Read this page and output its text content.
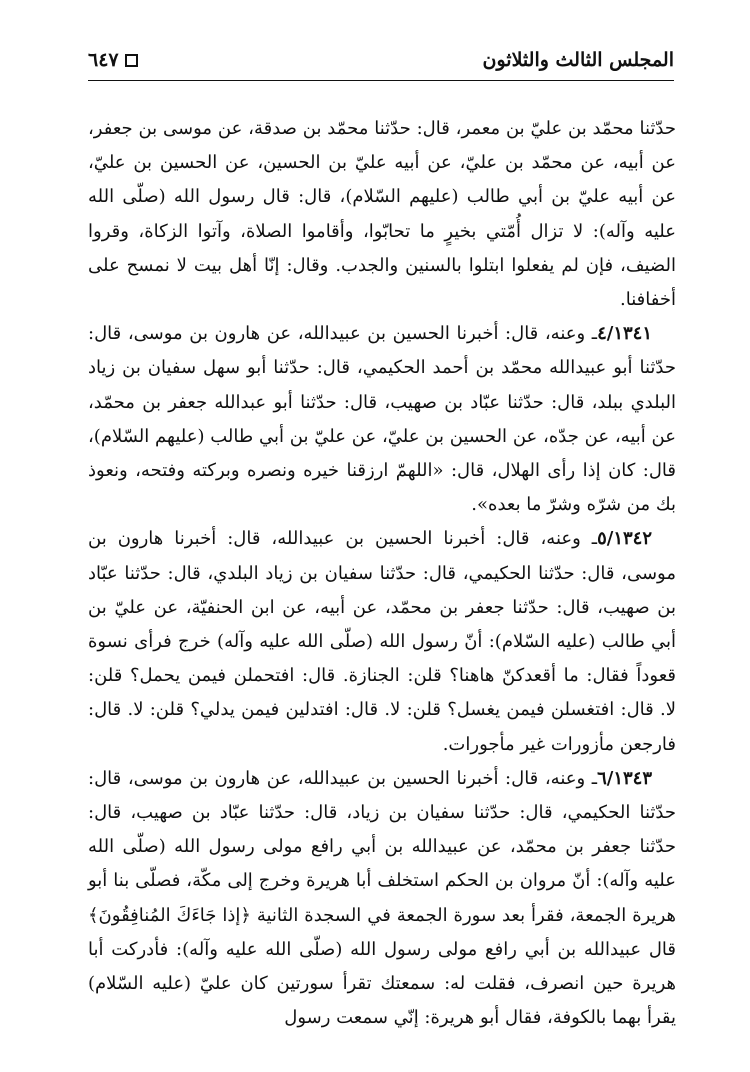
٦٤٧	المجلس الثالث والثلاثون

حدّثنا محمّد بن عليّ بن معمر، قال: حدّثنا محمّد بن صدقة، عن موسى بن جعفر، عن أبيه، عن محمّد بن عليّ، عن أبيه عليّ بن الحسين، عن الحسين بن عليّ، عن أبيه عليّ بن أبي طالب (عليهم السّلام)، قال: قال رسول الله (صلّى الله عليه وآله): لا تزال أُمّتي بخيرٍ ما تحابّوا، وأقاموا الصلاة، وآتوا الزكاة، وقروا الضيف، فإن لم يفعلوا ابتلوا بالسنين والجدب. وقال: إنّا أهل بيت لا نمسح على أخفافنا.

٤/١٣٤١ـ وعنه، قال: أخبرنا الحسين بن عبيدالله، عن هارون بن موسى، قال: حدّثنا أبو عبيدالله محمّد بن أحمد الحكيمي، قال: حدّثنا أبو سهل سفيان بن زياد البلدي ببلد، قال: حدّثنا عبّاد بن صهيب، قال: حدّثنا أبو عبدالله جعفر بن محمّد، عن أبيه، عن جدّه، عن الحسين بن عليّ، عن عليّ بن أبي طالب (عليهم السّلام)، قال: كان إذا رأى الهلال، قال: «اللهمّ ارزقنا خيره ونصره وبركته وفتحه، ونعوذ بك من شرّه وشرّ ما بعده».

٥/١٣٤٢ـ وعنه، قال: أخبرنا الحسين بن عبيدالله، قال: أخبرنا هارون بن موسى، قال: حدّثنا الحكيمي، قال: حدّثنا سفيان بن زياد البلدي، قال: حدّثنا عبّاد بن صهيب، قال: حدّثنا جعفر بن محمّد، عن أبيه، عن ابن الحنفيّة، عن عليّ بن أبي طالب (عليه السّلام): أنّ رسول الله (صلّى الله عليه وآله) خرج فرأى نسوة قعوداً فقال: ما أقعدكنّ هاهنا؟ قلن: الجنازة. قال: افتحملن فيمن يحمل؟ قلن: لا. قال: افتغسلن فيمن يغسل؟ قلن: لا. قال: افتدلين فيمن يدلي؟ قلن: لا. قال: فارجعن مأزورات غير مأجورات.

٦/١٣٤٣ـ وعنه، قال: أخبرنا الحسين بن عبيدالله، عن هارون بن موسى، قال: حدّثنا الحكيمي، قال: حدّثنا سفيان بن زياد، قال: حدّثنا عبّاد بن صهيب، قال: حدّثنا جعفر بن محمّد، عن عبيدالله بن أبي رافع مولى رسول الله (صلّى الله عليه وآله): أنّ مروان بن الحكم استخلف أبا هريرة وخرج إلى مكّة، فصلّى بنا أبو هريرة الجمعة، فقرأ بعد سورة الجمعة في السجدة الثانية ﴿إذا جَاءَكَ المُنافِقُونَ﴾ قال عبيدالله بن أبي رافع مولى رسول الله (صلّى الله عليه وآله): فأدركت أبا هريرة حين انصرف، فقلت له: سمعتك تقرأ سورتين كان عليّ (عليه السّلام) يقرأ بهما بالكوفة، فقال أبو هريرة: إنّي سمعت رسول
